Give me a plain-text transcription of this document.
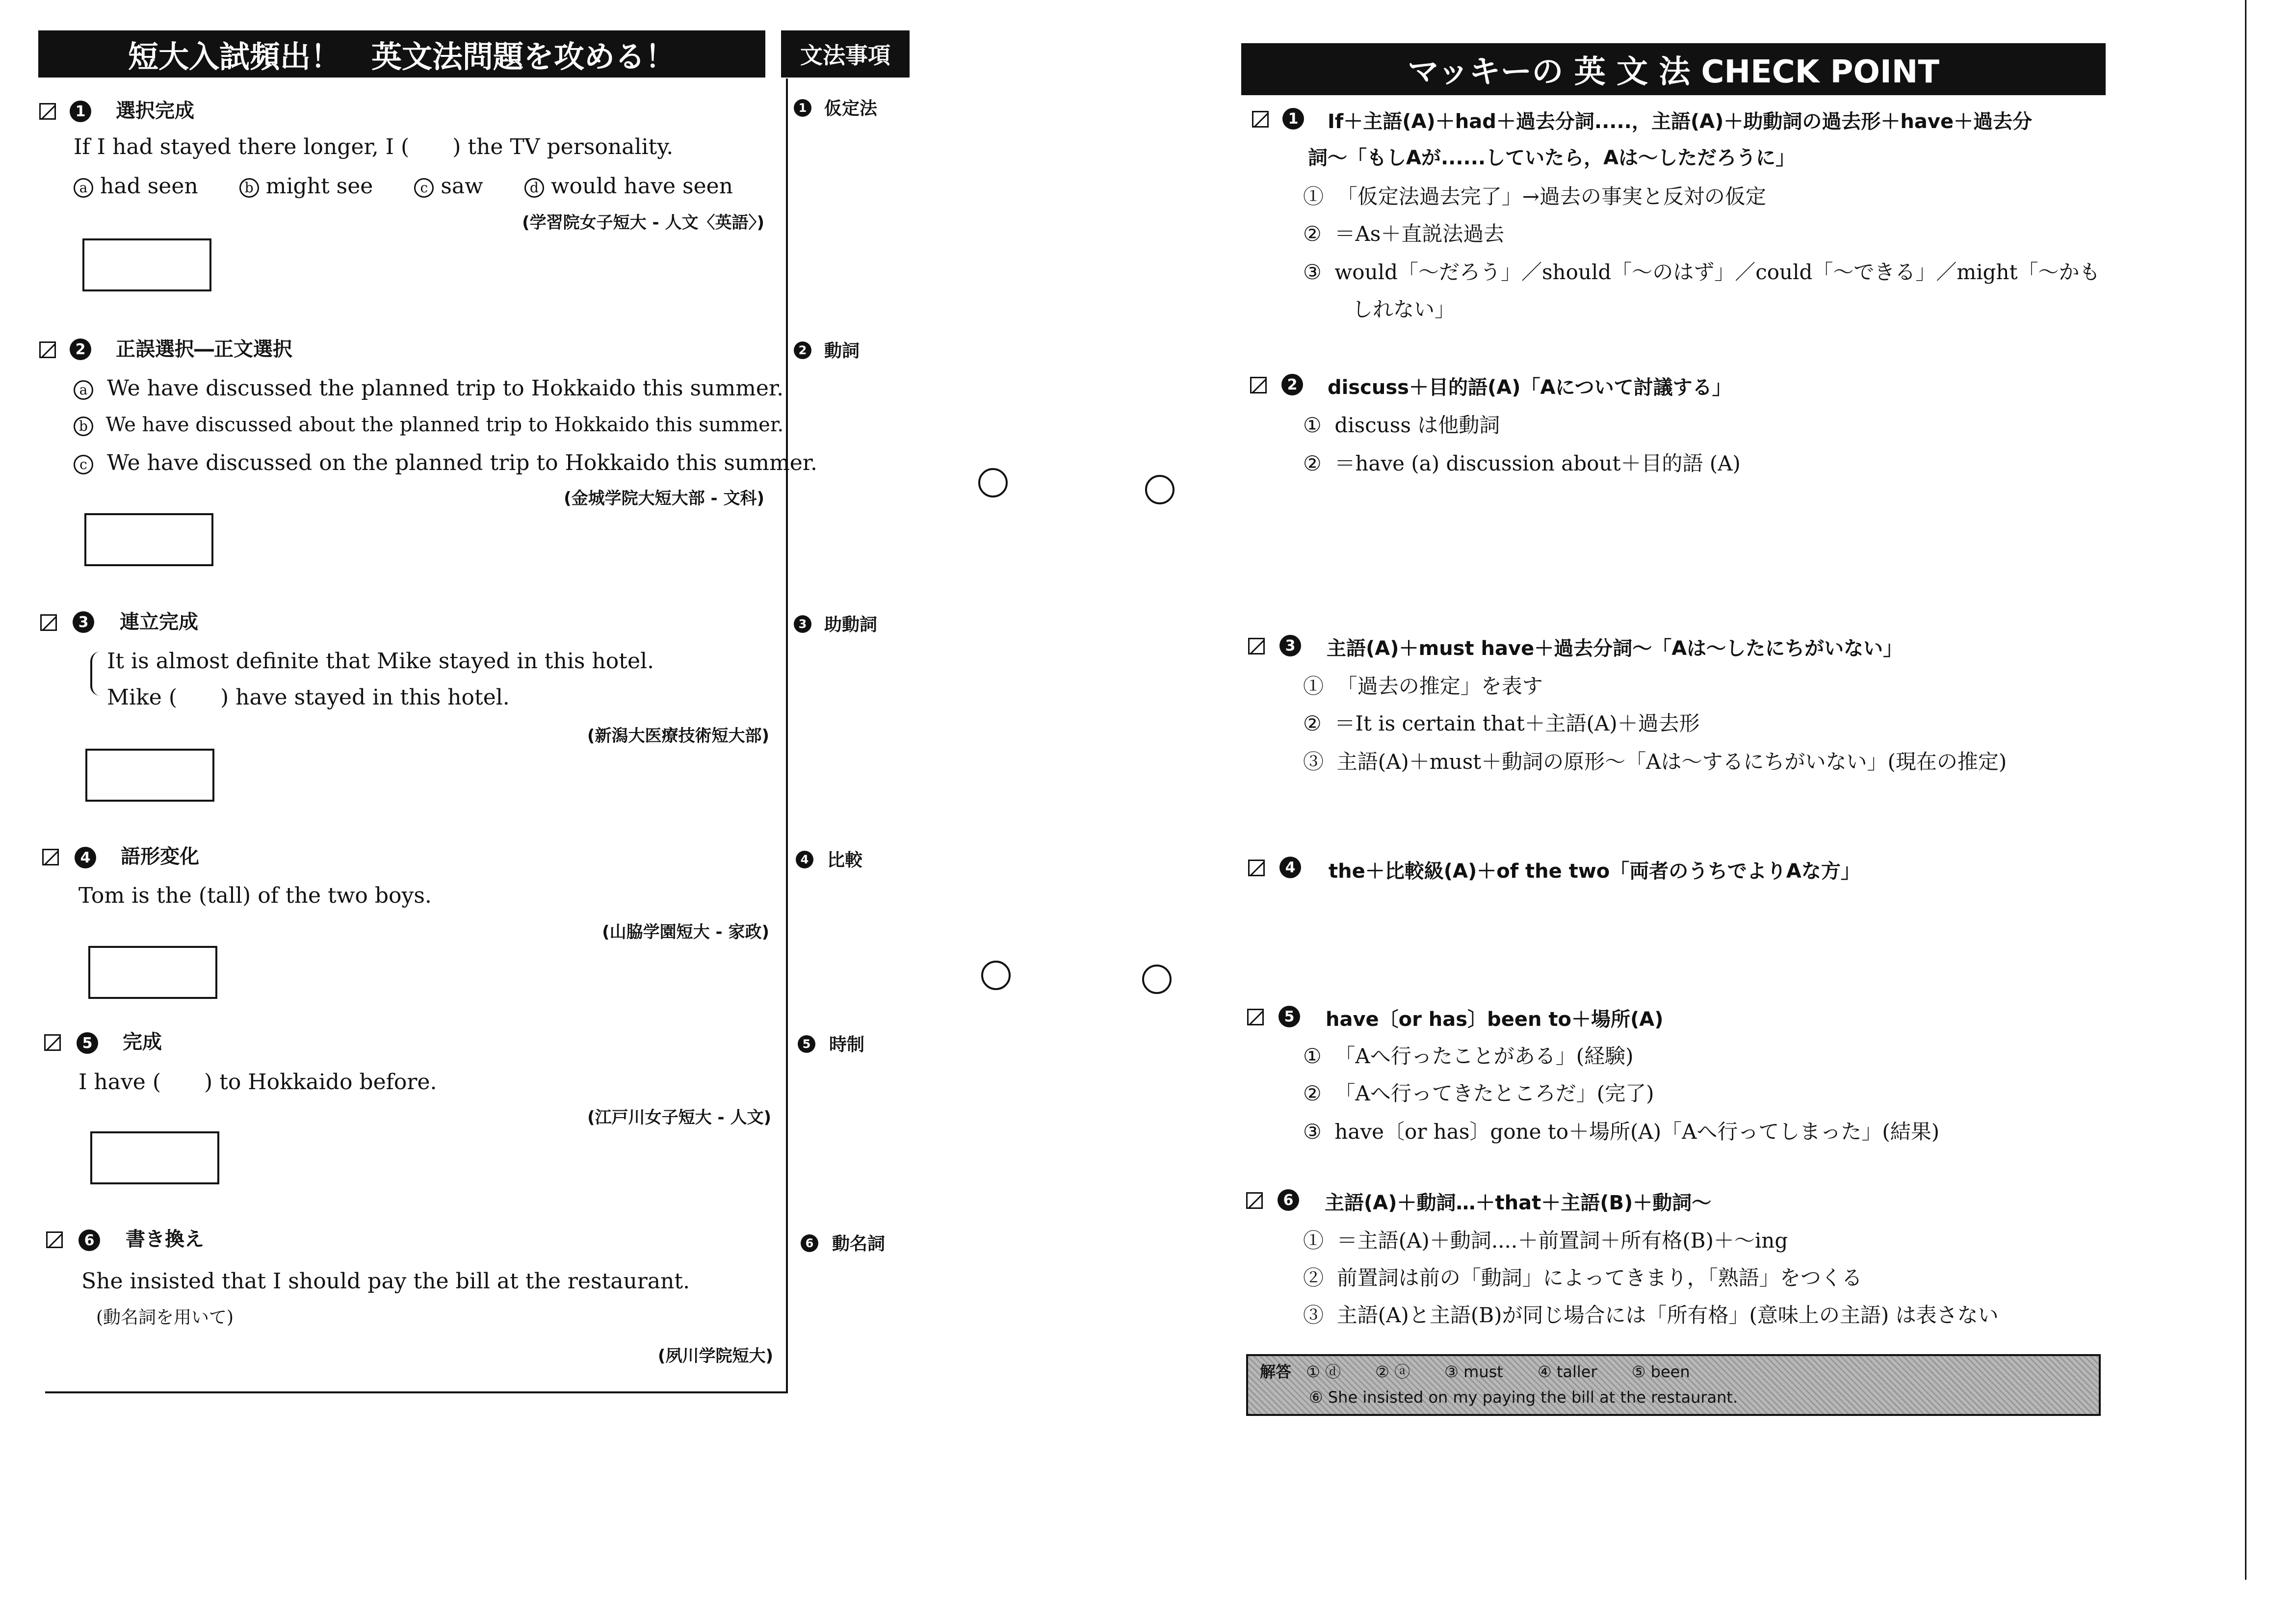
短大入試頻出！　英文法問題を攻める！	文法事項
1 選択完成
If I had stayed there longer, I (　　) the TV personality.
a had seen	b might see	c saw	d would have seen
(学習院女子短大 - 人文〈英語〉)
1 仮定法
2 正誤選択―正文選択
a We have discussed the planned trip to Hokkaido this summer.
b We have discussed about the planned trip to Hokkaido this summer.
c We have discussed on the planned trip to Hokkaido this summer.
(金城学院大短大部 - 文科)
2 動詞
3 連立完成
It is almost definite that Mike stayed in this hotel.
Mike (　　) have stayed in this hotel.
(新潟大医療技術短大部)
3 助動詞
4 語形変化
Tom is the (tall) of the two boys.
(山脇学園短大 - 家政)
4 比較
5 完成
I have (　　) to Hokkaido before.
(江戸川女子短大 - 人文)
5 時制
6 書き換え
She insisted that I should pay the bill at the restaurant.
(動名詞を用いて)
(夙川学院短大)
6 動名詞
マッキーの 英 文 法 CHECK POINT
1 If＋主語(A)＋had＋過去分詞.....，主語(A)＋助動詞の過去形＋have＋過去分
詞～「もしAが......していたら，Aは～しただろうに」
① 「仮定法過去完了」→過去の事実と反対の仮定
② ＝As＋直説法過去
③ would「～だろう」／should「～のはず」／could「～できる」／might「～かも
しれない」
2 discuss＋目的語(A)「Aについて討議する」
① discuss は他動詞
② ＝have (a) discussion about＋目的語 (A)
3 主語(A)＋must have＋過去分詞～「Aは～したにちがいない」
① 「過去の推定」を表す
② ＝It is certain that＋主語(A)＋過去形
③ 主語(A)＋must＋動詞の原形～「Aは～するにちがいない」(現在の推定)
4 the＋比較級(A)＋of the two「両者のうちでよりAな方」
5 have〔or has〕been to＋場所(A)
① 「Aへ行ったことがある」(経験)
② 「Aへ行ってきたところだ」(完了)
③ have〔or has〕gone to＋場所(A)「Aへ行ってしまった」(結果)
6 主語(A)＋動詞…＋that＋主語(B)＋動詞～
① ＝主語(A)＋動詞....＋前置詞＋所有格(B)＋～ing
② 前置詞は前の「動詞」によってきまり，「熟語」をつくる
③ 主語(A)と主語(B)が同じ場合には「所有格」(意味上の主語) は表さない
解答 ① ⓓ ② ⓐ ③ must ④ taller ⑤ been
⑥ She insisted on my paying the bill at the restaurant.
